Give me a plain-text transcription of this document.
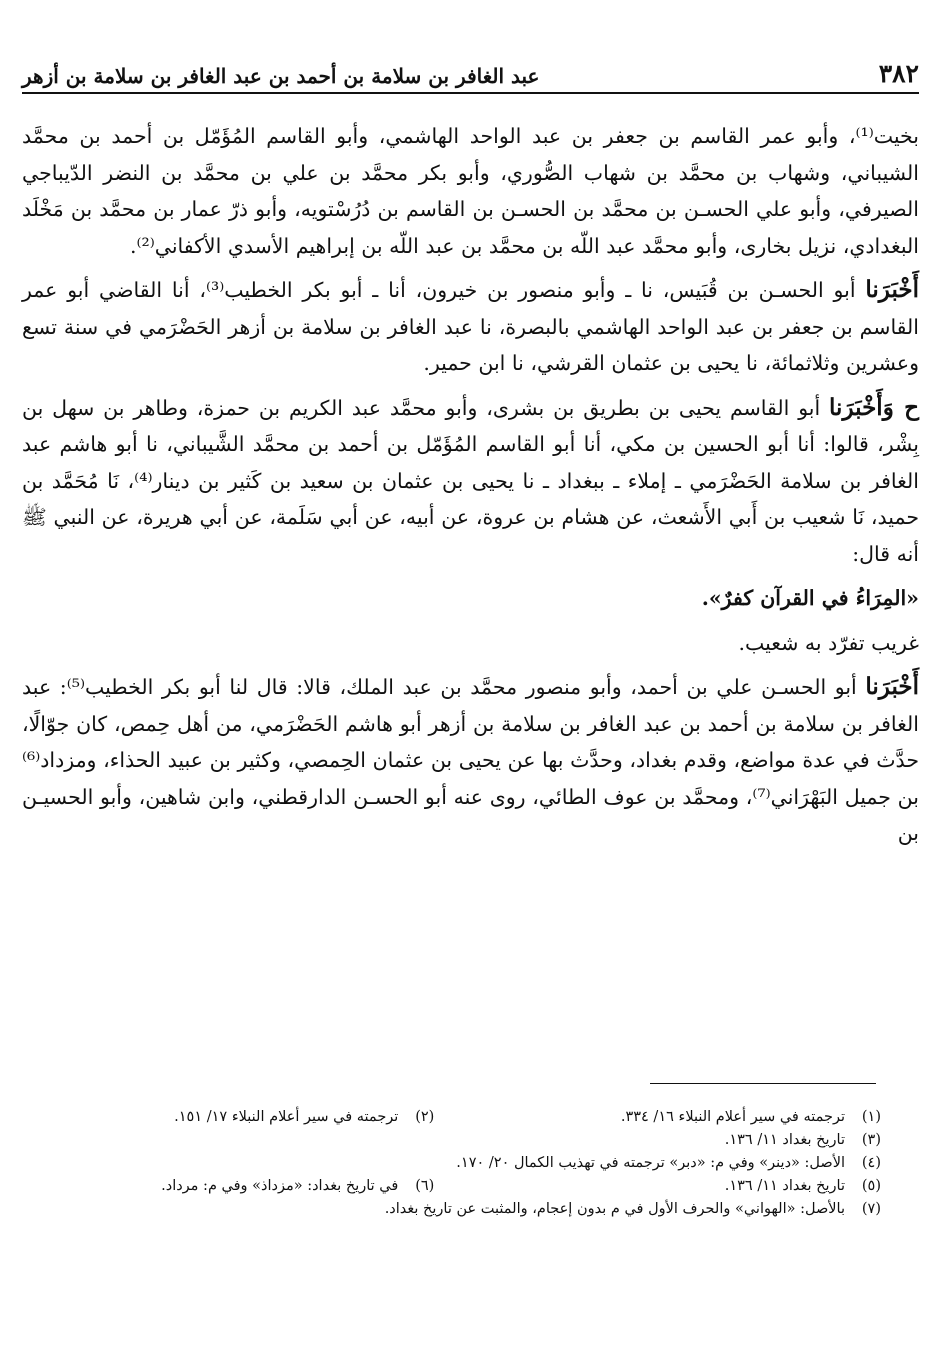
٣٨٢
عبد الغافر بن سلامة بن أحمد بن عبد الغافر بن سلامة بن أزهر

بخيت⁽¹⁾، وأبو عمر القاسم بن جعفر بن عبد الواحد الهاشمي، وأبو القاسم المُؤَمّل بن أحمد بن محمَّد الشيباني، وشهاب بن محمَّد بن شهاب الصُّوري، وأبو بكر محمَّد بن علي بن محمَّد بن النضر الدّيباجي الصيرفي، وأبو علي الحسـن بن محمَّد بن الحسـن بن القاسم بن دُرُسْتويه، وأبو ذرّ عمار بن محمَّد بن مَخْلَد البغدادي، نزيل بخارى، وأبو محمَّد عبد اللّه بن محمَّد بن عبد اللّه بن إبراهيم الأسدي الأكفاني⁽²⁾.

أَخْبَرَنا أبو الحسـن بن قُبَيس، نا ـ وأبو منصور بن خيرون، أنا ـ أبو بكر الخطيب⁽³⁾، أنا القاضي أبو عمر القاسم بن جعفر بن عبد الواحد الهاشمي بالبصرة، نا عبد الغافر بن سلامة بن أزهر الحَضْرَمي في سنة تسع وعشرين وثلاثمائة، نا يحيى بن عثمان القرشي، نا ابن حمير.

ح وَأَخْبَرَنا أبو القاسم يحيى بن بطريق بن بشرى، وأبو محمَّد عبد الكريم بن حمزة، وطاهر بن سهل بن بِشْر، قالوا: أنا أبو الحسين بن مكي، أنا أبو القاسم المُؤَمّل بن أحمد بن محمَّد الشَّيباني، نا أبو هاشم عبد الغافر بن سلامة الحَضْرَمي ـ إملاء ـ ببغداد ـ نا يحيى بن عثمان بن سعيد بن كَثير بن دينار⁽⁴⁾، نَا مُحَمَّد بن حميد، نَا شعيب بن أَبي الأَشعث، عن هشام بن عروة، عن أبيه، عن أبي سَلَمة، عن أبي هريرة، عن النبي ﷺ أنه قال:

«المِرَاءُ في القرآن كفرٌ».

غريب تفرّد به شعيب.

أَخْبَرَنا أبو الحسـن علي بن أحمد، وأبو منصور محمَّد بن عبد الملك، قالا: قال لنا أبو بكر الخطيب⁽⁵⁾: عبد الغافر بن سلامة بن أحمد بن عبد الغافر بن سلامة بن أزهر أبو هاشم الحَضْرَمي، من أهل حِمص، كان جوّالًا، حدَّث في عدة مواضع، وقدم بغداد، وحدَّث بها عن يحيى بن عثمان الحِمصي، وكثير بن عبيد الحذاء، ومزداد⁽⁶⁾ بن جميل البَهْرَاني⁽⁷⁾، ومحمَّد بن عوف الطائي، روى عنه أبو الحسـن الدارقطني، وابن شاهين، وأبو الحسيـن بن

(١)ترجمته في سير أعلام النبلاء ١٦/ ٣٣٤.
(٢)ترجمته في سير أعلام النبلاء ١٧/ ١٥١.
(٣)تاريخ بغداد ١١/ ١٣٦.
(٤)الأصل: «دينر» وفي م: «دبر» ترجمته في تهذيب الكمال ٢٠/ ١٧٠.
(٥)تاريخ بغداد ١١/ ١٣٦.
(٦)في تاريخ بغداد: «مزداذ» وفي م: مرداد.
(٧)بالأصل: «الهواني» والحرف الأول في م بدون إعجام، والمثبت عن تاريخ بغداد.
